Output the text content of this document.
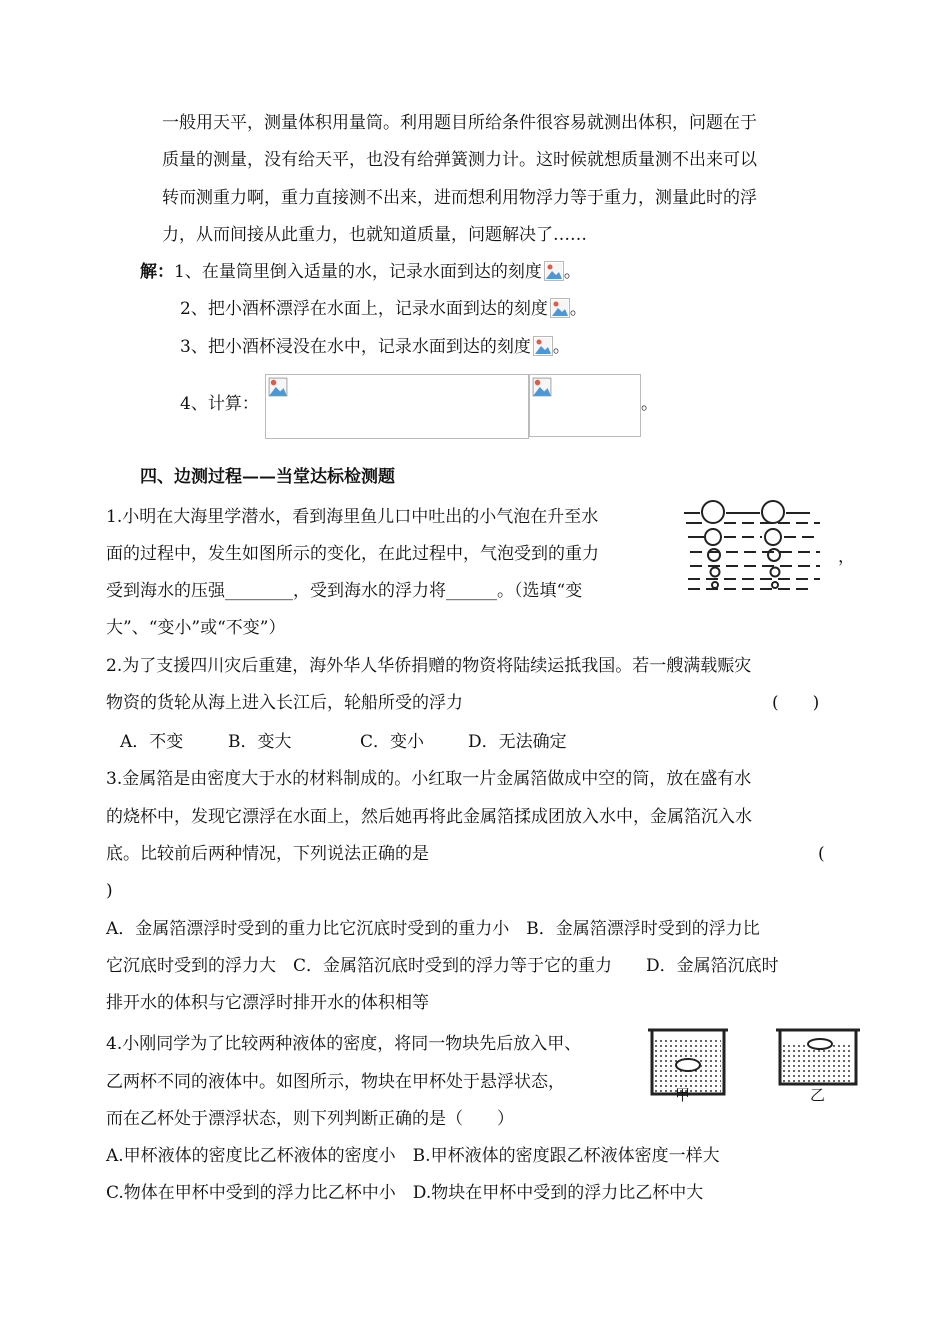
一般用天平，测量体积用量筒。利用题目所给条件很容易就测出体积，问题在于
质量的测量，没有给天平，也没有给弹簧测力计。这时候就想质量测不出来可以
转而测重力啊，重力直接测不出来，进而想利用物浮力等于重力，测量此时的浮
力，从而间接从此重力，也就知道质量，问题解决了……
解：1、在量筒里倒入适量的水，记录水面到达的刻度 。
2、把小酒杯漂浮在水面上，记录水面到达的刻度 。
3、把小酒杯浸没在水中，记录水面到达的刻度 。
4、计算：	。
四、边测过程——当堂达标检测题
1.小明在大海里学潜水，看到海里鱼儿口中吐出的小气泡在升至水
面的过程中，发生如图所示的变化，在此过程中，气泡受到的重力
受到海水的压强________，受到海水的浮力将______。（选填“变
大”、“变小”或“不变”）
，
2.为了支援四川灾后重建，海外华人华侨捐赠的物资将陆续运抵我国。若一艘满载赈灾
物资的货轮从海上进入长江后，轮船所受的浮力	(　　)
A．不变	B．变大	C．变小	D．无法确定
3.金属箔是由密度大于水的材料制成的。小红取一片金属箔做成中空的筒，放在盛有水
的烧杯中，发现它漂浮在水面上，然后她再将此金属箔揉成团放入水中，金属箔沉入水
底。比较前后两种情况，下列说法正确的是	(
)
A．金属箔漂浮时受到的重力比它沉底时受到的重力小　B．金属箔漂浮时受到的浮力比
它沉底时受到的浮力大　C．金属箔沉底时受到的浮力等于它的重力　　D．金属箔沉底时
排开水的体积与它漂浮时排开水的体积相等
4.小刚同学为了比较两种液体的密度，将同一物块先后放入甲、
乙两杯不同的液体中。如图所示，物块在甲杯处于悬浮状态，
而在乙杯处于漂浮状态，则下列判断正确的是（　　）
A.甲杯液体的密度比乙杯液体的密度小　B.甲杯液体的密度跟乙杯液体密度一样大
C.物体在甲杯中受到的浮力比乙杯中小　D.物块在甲杯中受到的浮力比乙杯中大
甲	乙
